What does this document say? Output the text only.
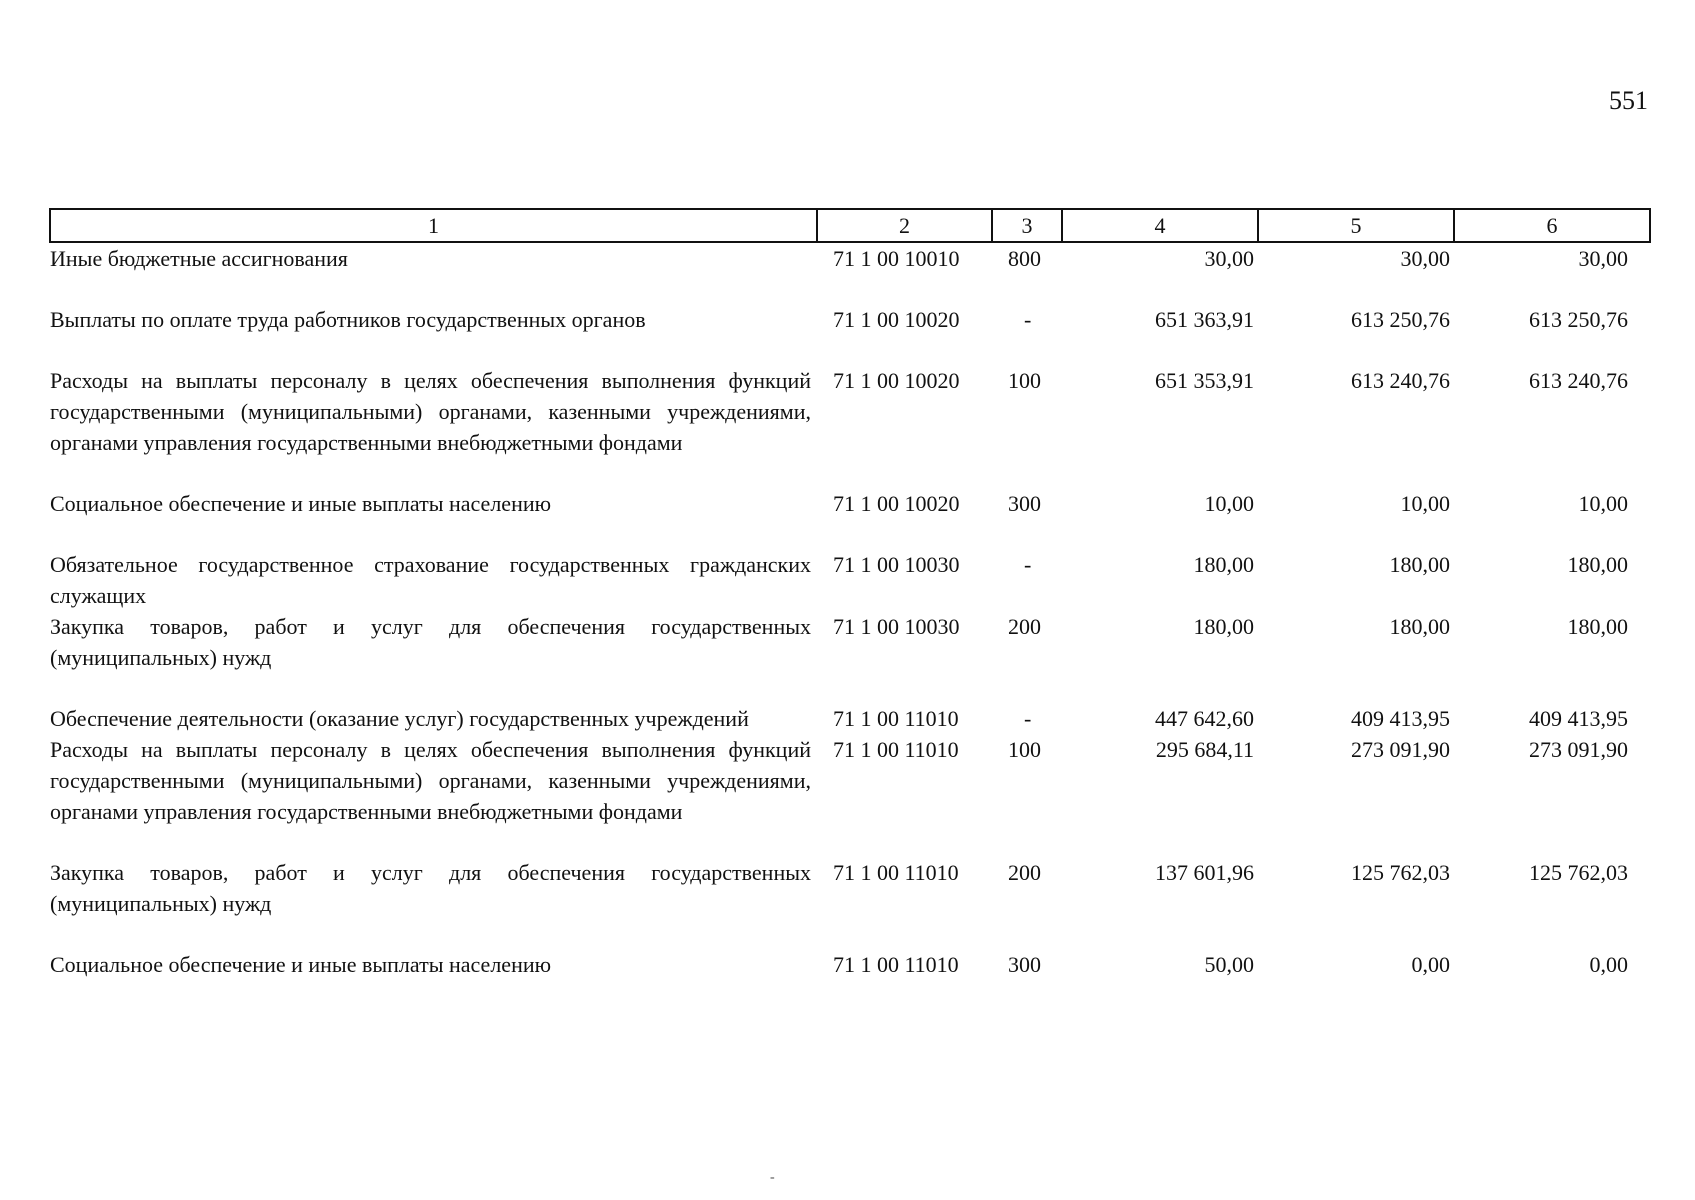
551
1	2	3	4	5	6
Иные бюджетные ассигнования	71 1 00 10010	800	30,00	30,00	30,00
Выплаты по оплате труда работников государственных органов	71 1 00 10020	-	651 363,91	613 250,76	613 250,76
Расходы на выплаты персоналу в целях обеспечения выполнения функций государственными (муниципальными) органами, казенными учреждениями, органами управления государственными внебюджетными фондами	71 1 00 10020	100	651 353,91	613 240,76	613 240,76
Социальное обеспечение и иные выплаты населению	71 1 00 10020	300	10,00	10,00	10,00
Обязательное государственное страхование государственных гражданских служащих	71 1 00 10030	-	180,00	180,00	180,00
Закупка товаров, работ и услуг для обеспечения государственных (муниципальных) нужд	71 1 00 10030	200	180,00	180,00	180,00
Обеспечение деятельности (оказание услуг) государственных учреждений	71 1 00 11010	-	447 642,60	409 413,95	409 413,95
Расходы на выплаты персоналу в целях обеспечения выполнения функций государственными (муниципальными) органами, казенными учреждениями, органами управления государственными внебюджетными фондами	71 1 00 11010	100	295 684,11	273 091,90	273 091,90
Закупка товаров, работ и услуг для обеспечения государственных (муниципальных) нужд	71 1 00 11010	200	137 601,96	125 762,03	125 762,03
Социальное обеспечение и иные выплаты населению	71 1 00 11010	300	50,00	0,00	0,00
-
